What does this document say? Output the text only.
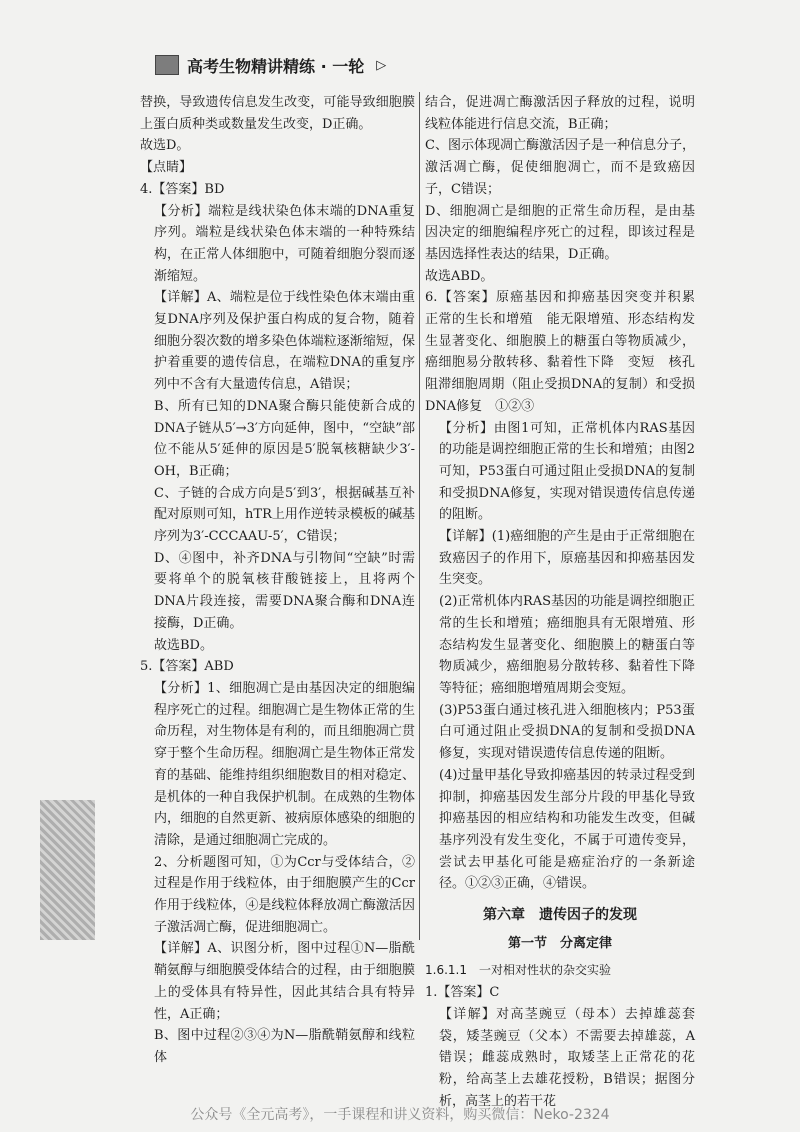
高考生物精讲精练 · 一轮 ▷

替换，导致遗传信息发生改变，可能导致细胞膜上蛋白质种类或数量发生改变，D正确。

故选D。

【点睛】

4.【答案】BD

【分析】端粒是线状染色体末端的DNA重复序列。端粒是线状染色体末端的一种特殊结构，在正常人体细胞中，可随着细胞分裂而逐渐缩短。

【详解】A、端粒是位于线性染色体末端由重复DNA序列及保护蛋白构成的复合物，随着细胞分裂次数的增多染色体端粒逐渐缩短，保护着重要的遗传信息，在端粒DNA的重复序列中不含有大量遗传信息，A错误；

B、所有已知的DNA聚合酶只能使新合成的DNA子链从5′→3′方向延伸，图中，“空缺”部位不能从5′延伸的原因是5′脱氧核糖缺少3′-OH，B正确；

C、子链的合成方向是5′到3′，根据碱基互补配对原则可知，hTR上用作逆转录模板的碱基序列为3′-CCCAAU-5′，C错误；

D、④图中，补齐DNA与引物间“空缺”时需要将单个的脱氧核苷酸链接上，且将两个DNA片段连接，需要DNA聚合酶和DNA连接酶，D正确。

故选BD。

5.【答案】ABD

【分析】1、细胞凋亡是由基因决定的细胞编程序死亡的过程。细胞凋亡是生物体正常的生命历程，对生物体是有利的，而且细胞凋亡贯穿于整个生命历程。细胞凋亡是生物体正常发育的基础、能维持组织细胞数目的相对稳定、是机体的一种自我保护机制。在成熟的生物体内，细胞的自然更新、被病原体感染的细胞的清除，是通过细胞凋亡完成的。

2、分析题图可知，①为Ccr与受体结合，②过程是作用于线粒体，由于细胞膜产生的Ccr作用于线粒体，④是线粒体释放凋亡酶激活因子激活凋亡酶，促进细胞凋亡。

【详解】A、识图分析，图中过程①N—脂酰鞘氨醇与细胞膜受体结合的过程，由于细胞膜上的受体具有特异性，因此其结合具有特异性，A正确；

B、图中过程②③④为N—脂酰鞘氨醇和线粒体

结合，促进凋亡酶激活因子释放的过程，说明线粒体能进行信息交流，B正确；

C、图示体现凋亡酶激活因子是一种信息分子，激活凋亡酶，促使细胞凋亡，而不是致癌因子，C错误；

D、细胞凋亡是细胞的正常生命历程，是由基因决定的细胞编程序死亡的过程，即该过程是基因选择性表达的结果，D正确。

故选ABD。

6.【答案】原癌基因和抑癌基因突变并积累　正常的生长和增殖　能无限增殖、形态结构发生显著变化、细胞膜上的糖蛋白等物质减少，癌细胞易分散转移、黏着性下降　变短　核孔　阻滞细胞周期（阻止受损DNA的复制）和受损DNA修复　①②③

【分析】由图1可知，正常机体内RAS基因的功能是调控细胞正常的生长和增殖；由图2可知，P53蛋白可通过阻止受损DNA的复制和受损DNA修复，实现对错误遗传信息传递的阻断。

【详解】(1)癌细胞的产生是由于正常细胞在致癌因子的作用下，原癌基因和抑癌基因发生突变。

(2)正常机体内RAS基因的功能是调控细胞正常的生长和增殖；癌细胞具有无限增殖、形态结构发生显著变化、细胞膜上的糖蛋白等物质减少，癌细胞易分散转移、黏着性下降等特征；癌细胞增殖周期会变短。

(3)P53蛋白通过核孔进入细胞核内；P53蛋白可通过阻止受损DNA的复制和受损DNA修复，实现对错误遗传信息传递的阻断。

(4)过量甲基化导致抑癌基因的转录过程受到抑制，抑癌基因发生部分片段的甲基化导致抑癌基因的相应结构和功能发生改变，但碱基序列没有发生变化，不属于可遗传变异，尝试去甲基化可能是癌症治疗的一条新途径。①②③正确，④错误。

第六章　遗传因子的发现
第一节　分离定律

1.6.1.1　一对相对性状的杂交实验

1.【答案】C

【详解】对高茎豌豆（母本）去掉雄蕊套袋，矮茎豌豆（父本）不需要去掉雄蕊，A错误；雌蕊成熟时，取矮茎上正常花的花粉，给高茎上去雄花授粉，B错误；据图分析，高茎上的若干花

公众号《全元高考》，一手课程和讲义资料，购买微信：Neko-2324
